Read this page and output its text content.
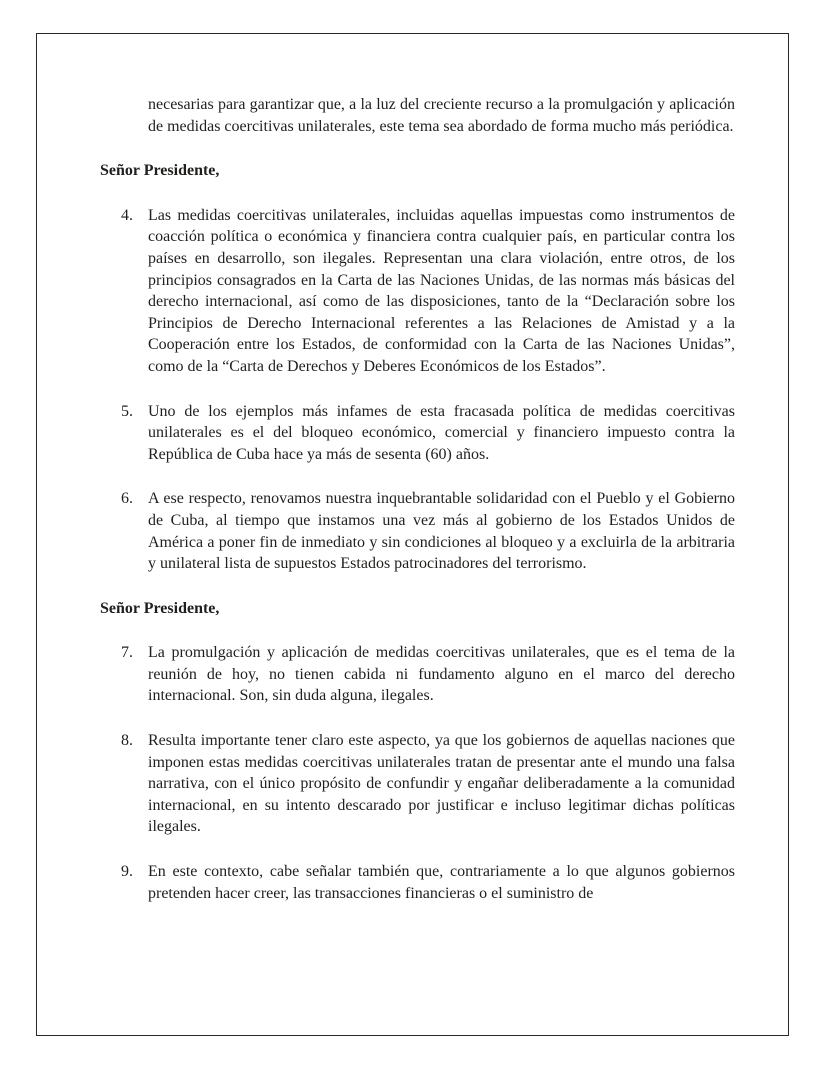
necesarias para garantizar que, a la luz del creciente recurso a la promulgación y aplicación de medidas coercitivas unilaterales, este tema sea abordado de forma mucho más periódica.

Señor Presidente,

4. Las medidas coercitivas unilaterales, incluidas aquellas impuestas como instrumentos de coacción política o económica y financiera contra cualquier país, en particular contra los países en desarrollo, son ilegales. Representan una clara violación, entre otros, de los principios consagrados en la Carta de las Naciones Unidas, de las normas más básicas del derecho internacional, así como de las disposiciones, tanto de la “Declaración sobre los Principios de Derecho Internacional referentes a las Relaciones de Amistad y a la Cooperación entre los Estados, de conformidad con la Carta de las Naciones Unidas”, como de la “Carta de Derechos y Deberes Económicos de los Estados”.
5. Uno de los ejemplos más infames de esta fracasada política de medidas coercitivas unilaterales es el del bloqueo económico, comercial y financiero impuesto contra la República de Cuba hace ya más de sesenta (60) años.
6. A ese respecto, renovamos nuestra inquebrantable solidaridad con el Pueblo y el Gobierno de Cuba, al tiempo que instamos una vez más al gobierno de los Estados Unidos de América a poner fin de inmediato y sin condiciones al bloqueo y a excluirla de la arbitraria y unilateral lista de supuestos Estados patrocinadores del terrorismo.

Señor Presidente,

7. La promulgación y aplicación de medidas coercitivas unilaterales, que es el tema de la reunión de hoy, no tienen cabida ni fundamento alguno en el marco del derecho internacional. Son, sin duda alguna, ilegales.
8. Resulta importante tener claro este aspecto, ya que los gobiernos de aquellas naciones que imponen estas medidas coercitivas unilaterales tratan de presentar ante el mundo una falsa narrativa, con el único propósito de confundir y engañar deliberadamente a la comunidad internacional, en su intento descarado por justificar e incluso legitimar dichas políticas ilegales.
9. En este contexto, cabe señalar también que, contrariamente a lo que algunos gobiernos pretenden hacer creer, las transacciones financieras o el suministro de
